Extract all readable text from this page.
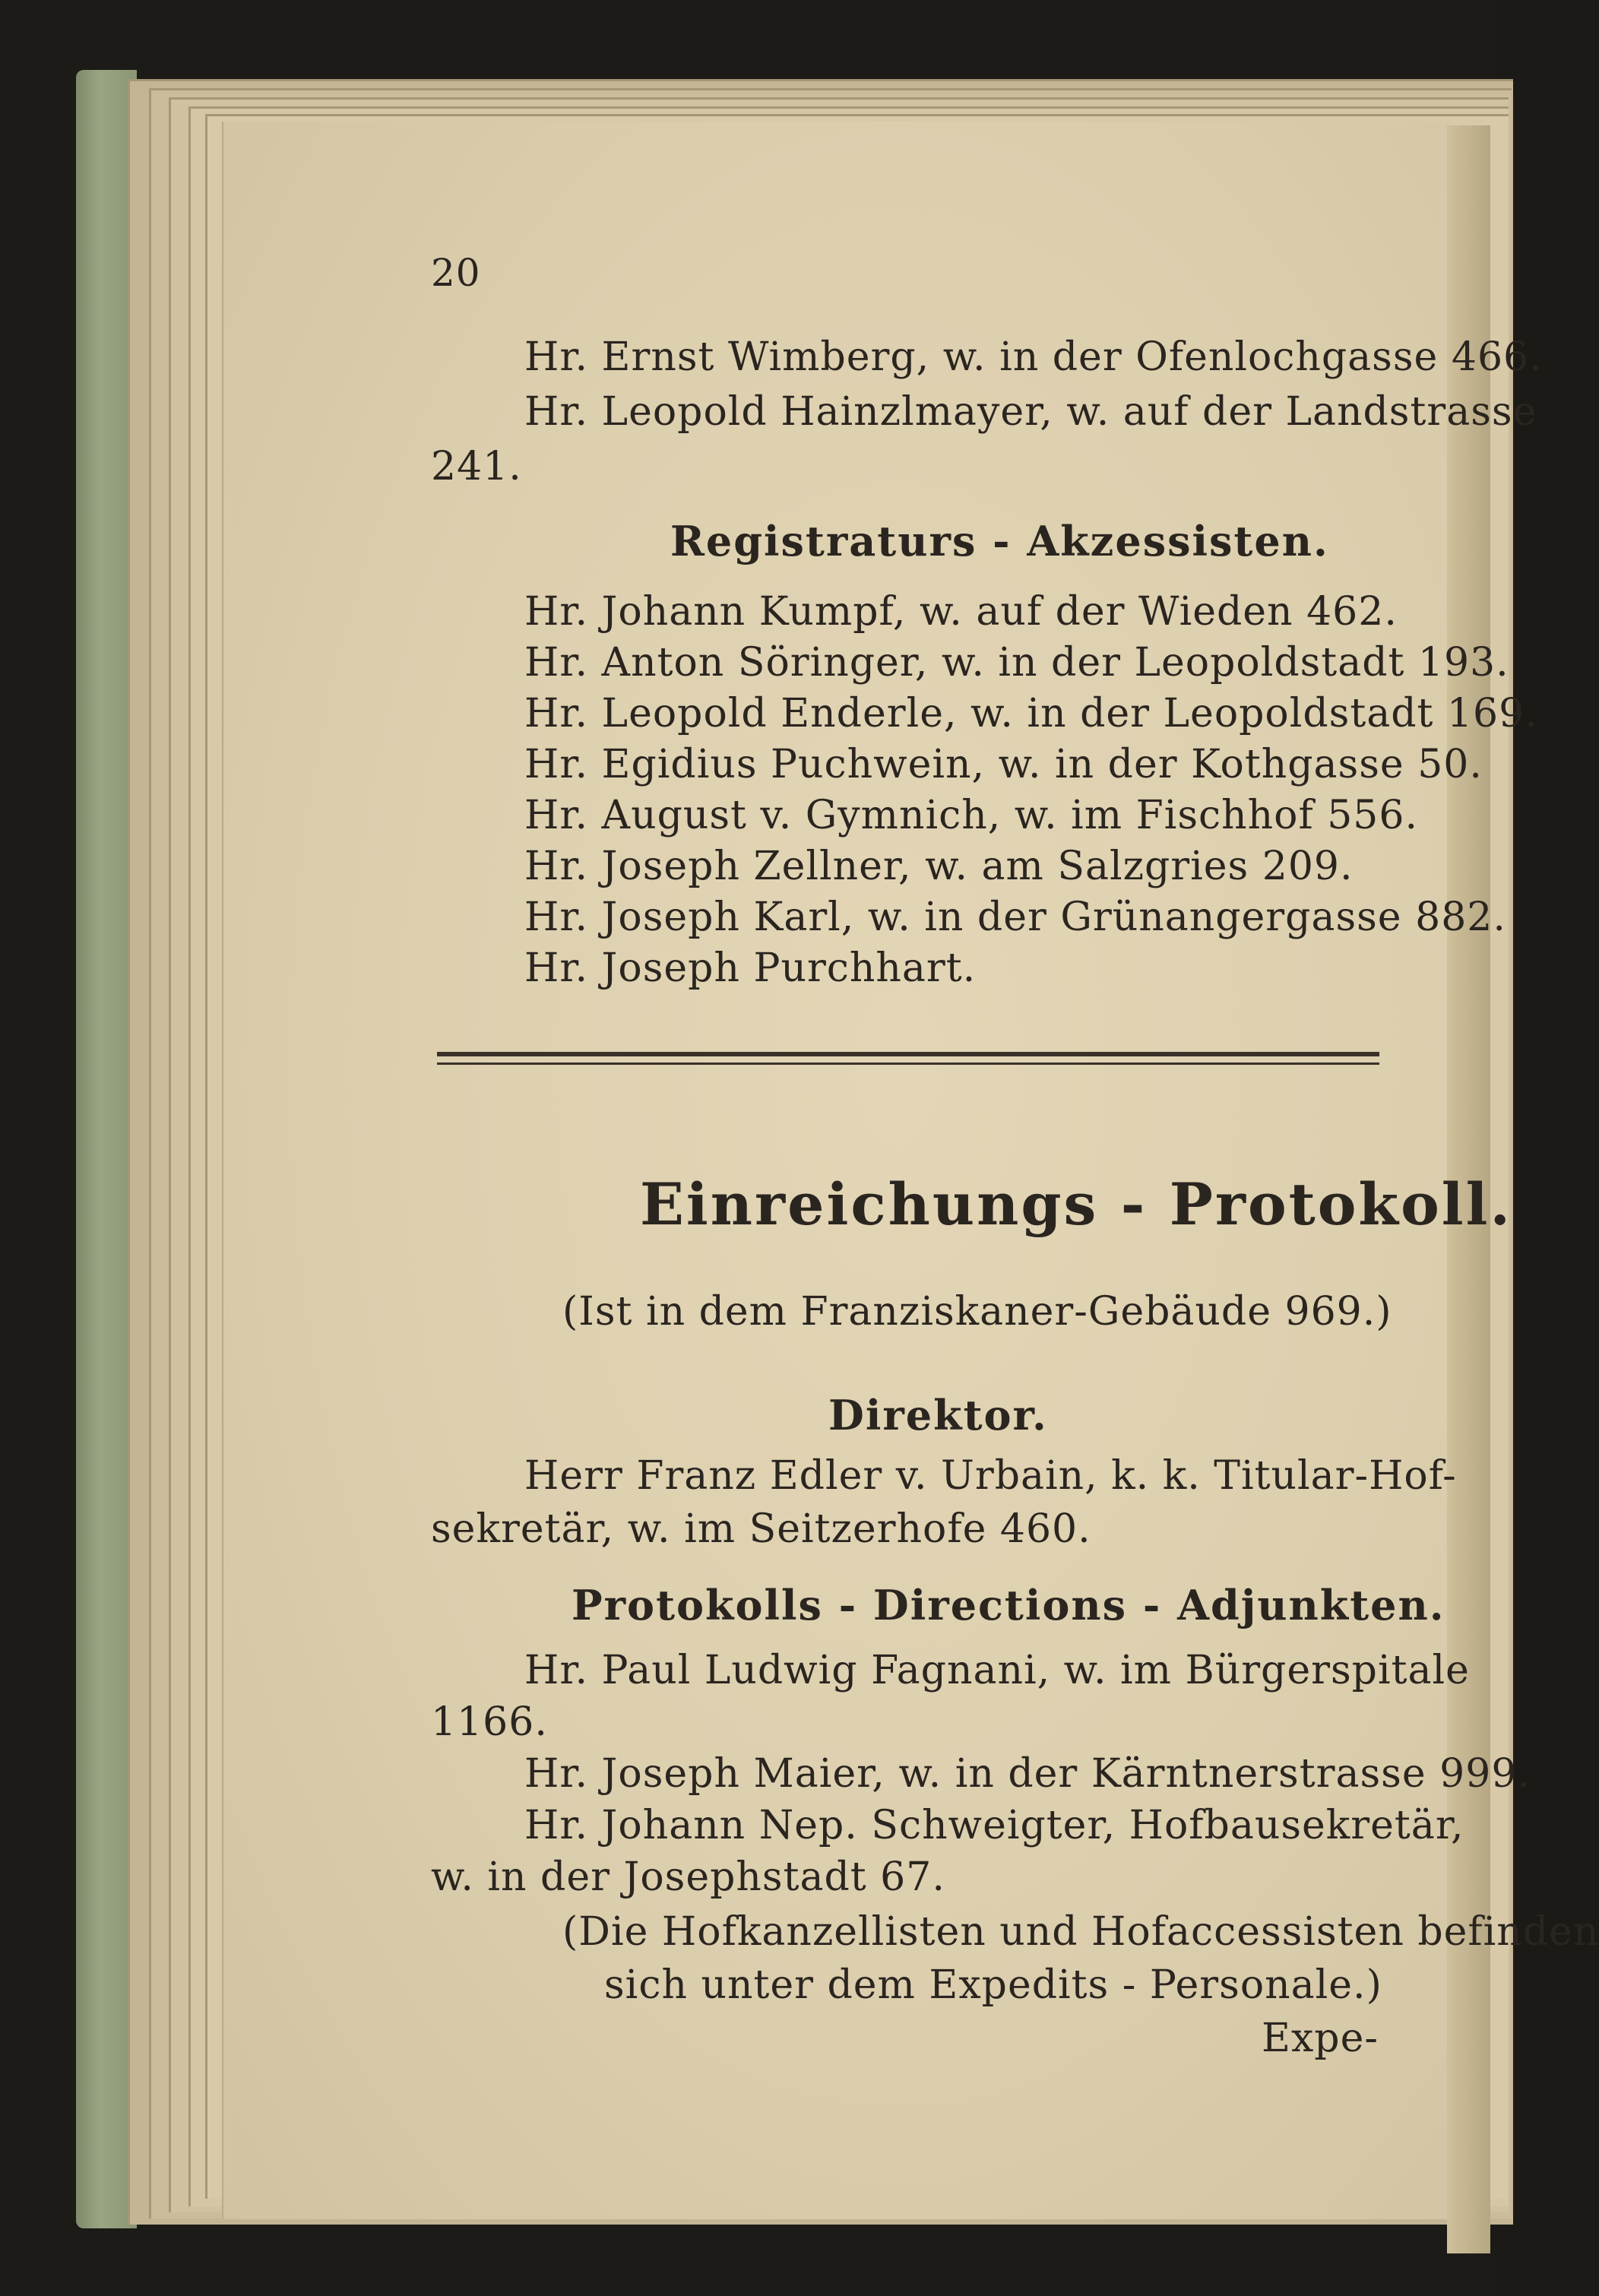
20
Hr. Ernst Wimberg, w. in der Ofenlochgasse 466.
Hr. Leopold Hainzlmayer, w. auf der Landstrasse
241.
Registraturs - Akzessisten.
Hr. Johann Kumpf, w. auf der Wieden 462.
Hr. Anton Söringer, w. in der Leopoldstadt 193.
Hr. Leopold Enderle, w. in der Leopoldstadt 169.
Hr. Egidius Puchwein, w. in der Kothgasse 50.
Hr. August v. Gymnich, w. im Fischhof 556.
Hr. Joseph Zellner, w. am Salzgries 209.
Hr. Joseph Karl, w. in der Grünangergasse 882.
Hr. Joseph Purchhart.
Einreichungs - Protokoll.
(Ist in dem Franziskaner-Gebäude 969.)
Direktor.
Herr Franz Edler v. Urbain, k. k. Titular-Hof-
sekretär, w. im Seitzerhofe 460.
Protokolls - Directions - Adjunkten.
Hr. Paul Ludwig Fagnani, w. im Bürgerspitale
1166.
Hr. Joseph Maier, w. in der Kärntnerstrasse 999.
Hr. Johann Nep. Schweigter, Hofbausekretär,
w. in der Josephstadt 67.
(Die Hofkanzellisten und Hofaccessisten befinden
sich unter dem Expedits - Personale.)
Expe-
